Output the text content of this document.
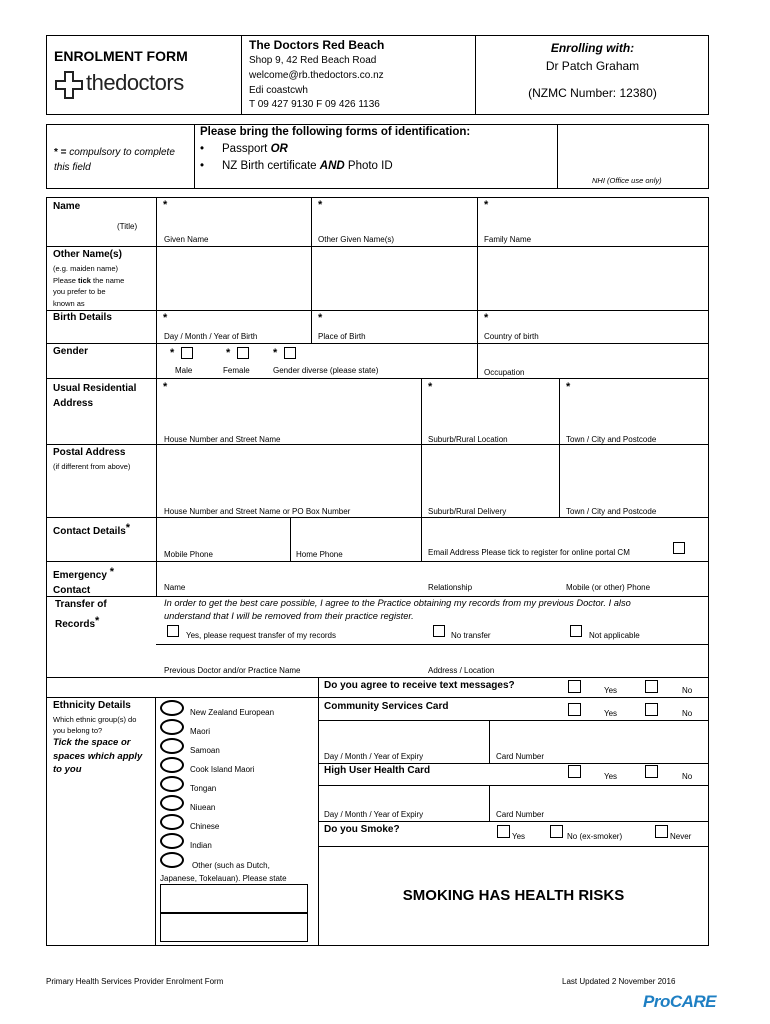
ENROLMENT FORM
thedoctors
The Doctors Red Beach
Shop 9, 42 Red Beach Road
welcome@rb.thedoctors.co.nz
Edi coastcwh
T 09 427 9130 F 09 426 1136
Enrolling with:
Dr Patch Graham
(NZMC Number: 12380)
* = compulsory to complete this field
Please bring the following forms of identification:
• Passport OR
• NZ Birth certificate AND Photo ID
NHI (Office use only)
Name
(Title)
*	*	*
Given Name	Other Given Name(s)	Family Name
Other Name(s)
(e.g. maiden name)
Please tick the name
you prefer to be
known as
Birth Details	*	*	*
Day / Month / Year of Birth	Place of Birth	Country of birth
Gender	*	*	*
Male	Female	Gender diverse (please state)	Occupation
Usual Residential
Address
*	*	*
House Number and Street Name	Suburb/Rural Location	Town / City and Postcode
Postal Address
(if different from above)
House Number and Street Name or PO Box Number	Suburb/Rural Delivery	Town / City and Postcode
Contact Details*
Mobile Phone	Home Phone	Email Address Please tick to register for online portal CM
Emergency *
Contact	Name	Relationship	Mobile (or other) Phone
Transfer of
Records*
In order to get the best care possible, I agree to the Practice obtaining my records from my previous Doctor. I also
understand that I will be removed from their practice register.
Yes, please request transfer of my records	No transfer	Not applicable
Previous Doctor and/or Practice Name	Address / Location
Ethnicity Details
Which ethnic group(s) do
you belong to?
Tick the space or
spaces which apply
to you
New Zealand European
Maori
Samoan
Cook Island Maori
Tongan
Niuean
Chinese
Indian
Other (such as Dutch,
Japanese, Tokelauan). Please state
Do you agree to receive text messages?	Yes	No
Community Services Card
Yes	No
Day / Month / Year of Expiry	Card Number
High User Health Card
Yes	No
Day / Month / Year of Expiry	Card Number
Do you Smoke?
Yes	No (ex-smoker)	Never
SMOKING HAS HEALTH RISKS
Primary Health Services Provider Enrolment Form	Last Updated 2 November 2016
ProCARE
